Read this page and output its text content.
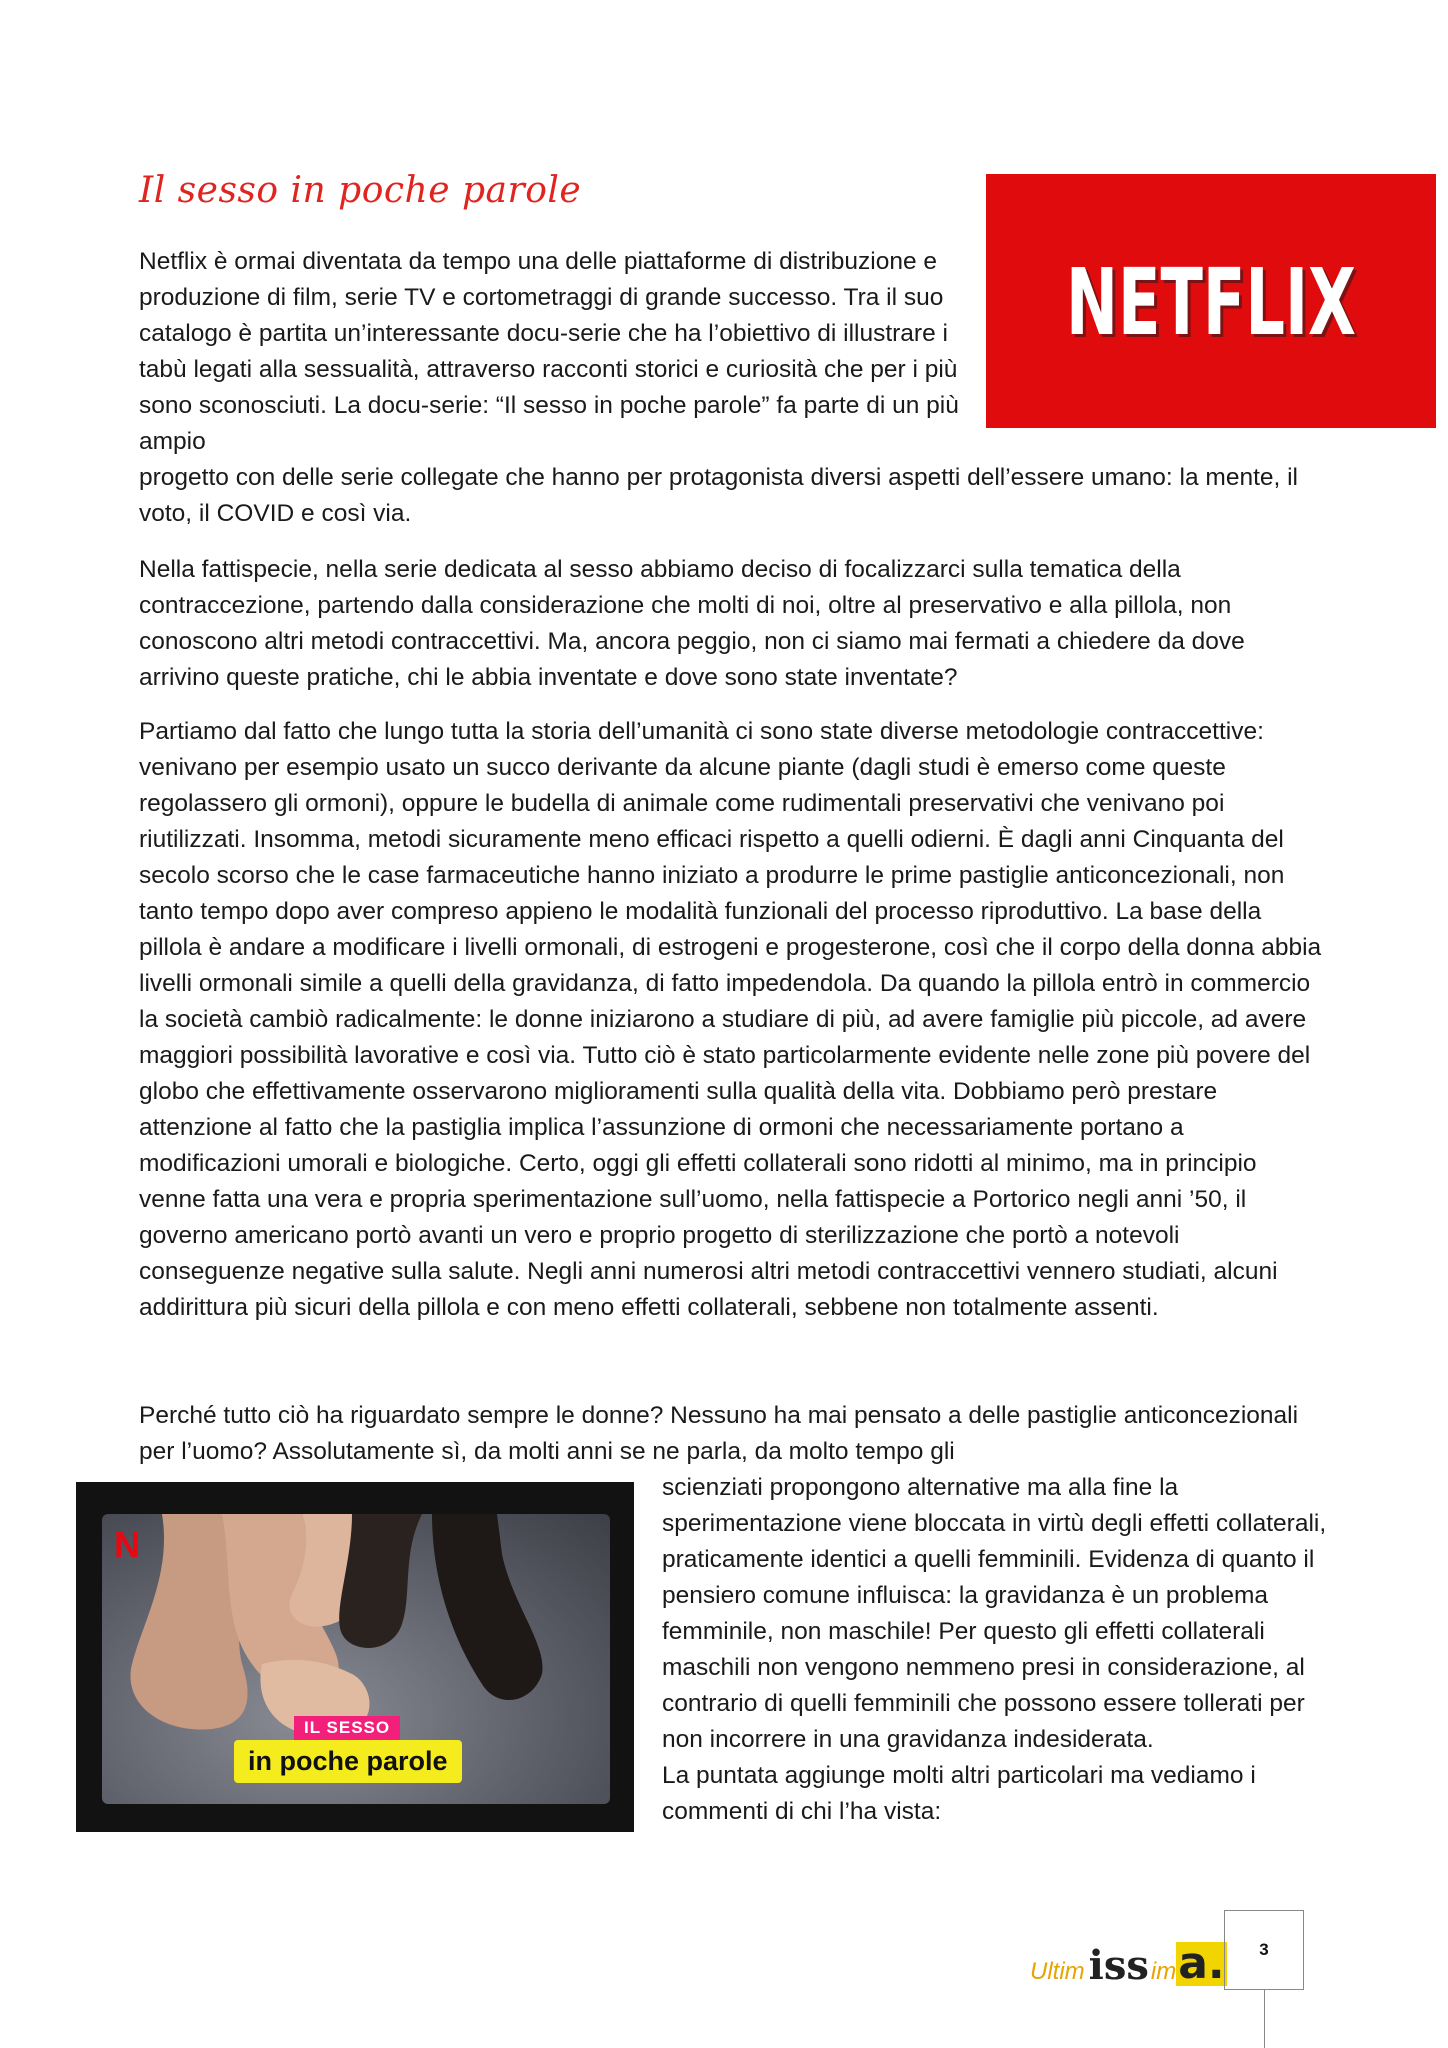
Il sesso in poche parole
NETFLIX
NETFLIX
Netflix è ormai diventata da tempo una delle piattaforme di distribuzione e produzione di film, serie TV e cortometraggi di grande successo. Tra il suo catalogo è partita un’interessante docu-serie che ha l’obiettivo di illustrare i tabù legati alla sessualità, attraverso racconti storici e curiosità che per i più sono sconosciuti. La docu-serie: “Il sesso in poche parole” fa parte di un più ampio
progetto con delle serie collegate che hanno per protagonista diversi aspetti dell’essere umano: la mente, il voto, il COVID e così via.

Nella fattispecie, nella serie dedicata al sesso abbiamo deciso di focalizzarci sulla tematica della contraccezione, partendo dalla considerazione che molti di noi, oltre al preservativo e alla pillola, non conoscono altri metodi contraccettivi. Ma, ancora peggio, non ci siamo mai fermati a chiedere da dove arrivino queste pratiche, chi le abbia inventate e dove sono state inventate?

Partiamo dal fatto che lungo tutta la storia dell’umanità ci sono state diverse metodologie contraccettive: venivano per esempio usato un succo derivante da alcune piante (dagli studi è emerso come queste regolassero gli ormoni), oppure le budella di animale come rudimentali preservativi che venivano poi riutilizzati. Insomma, metodi sicuramente meno efficaci rispetto a quelli odierni. È dagli anni Cinquanta del secolo scorso che le case farmaceutiche hanno iniziato a produrre le prime pastiglie anticoncezionali, non tanto tempo dopo aver compreso appieno le modalità funzionali del processo riproduttivo. La base della pillola è andare a modificare i livelli ormonali, di estrogeni e progesterone, così che il corpo della donna abbia livelli ormonali simile a quelli della gravidanza, di fatto impedendola. Da quando la pillola entrò in commercio la società cambiò radicalmente: le donne iniziarono a studiare di più, ad avere famiglie più piccole, ad avere maggiori possibilità lavorative e così via. Tutto ciò è stato particolarmente evidente nelle zone più povere del globo che effettivamente osservarono miglioramenti sulla qualità della vita. Dobbiamo però prestare attenzione al fatto che la pastiglia implica l’assunzione di ormoni che necessariamente portano a modificazioni umorali e biologiche. Certo, oggi gli effetti collaterali sono ridotti al minimo, ma in principio venne fatta una vera e propria sperimentazione sull’uomo, nella fattispecie a Portorico negli anni ’50, il governo americano portò avanti un vero e proprio progetto di sterilizzazione che portò a notevoli conseguenze negative sulla salute. Negli anni numerosi altri metodi contraccettivi vennero studiati, alcuni addirittura più sicuri della pillola e con meno effetti collaterali, sebbene non totalmente assenti.

Perché tutto ciò ha riguardato sempre le donne? Nessuno ha mai pensato a delle pastiglie anticoncezionali per l’uomo? Assolutamente sì, da molti anni se ne parla, da molto tempo gli

N
IL SESSO
in poche parole
scienziati propongono alternative ma alla fine la sperimentazione viene bloccata in virtù degli effetti collaterali, praticamente identici a quelli femminili. Evidenza di quanto il pensiero comune influisca: la gravidanza è un problema femminile, non maschile! Per questo gli effetti collaterali maschili non vengono nemmeno presi in considerazione, al contrario di quelli femminili che possono essere tollerati per non incorrere in una gravidanza indesiderata.
La puntata aggiunge molti altri particolari ma vediamo i commenti di chi l’ha vista:
Ultim iss im a. 3
